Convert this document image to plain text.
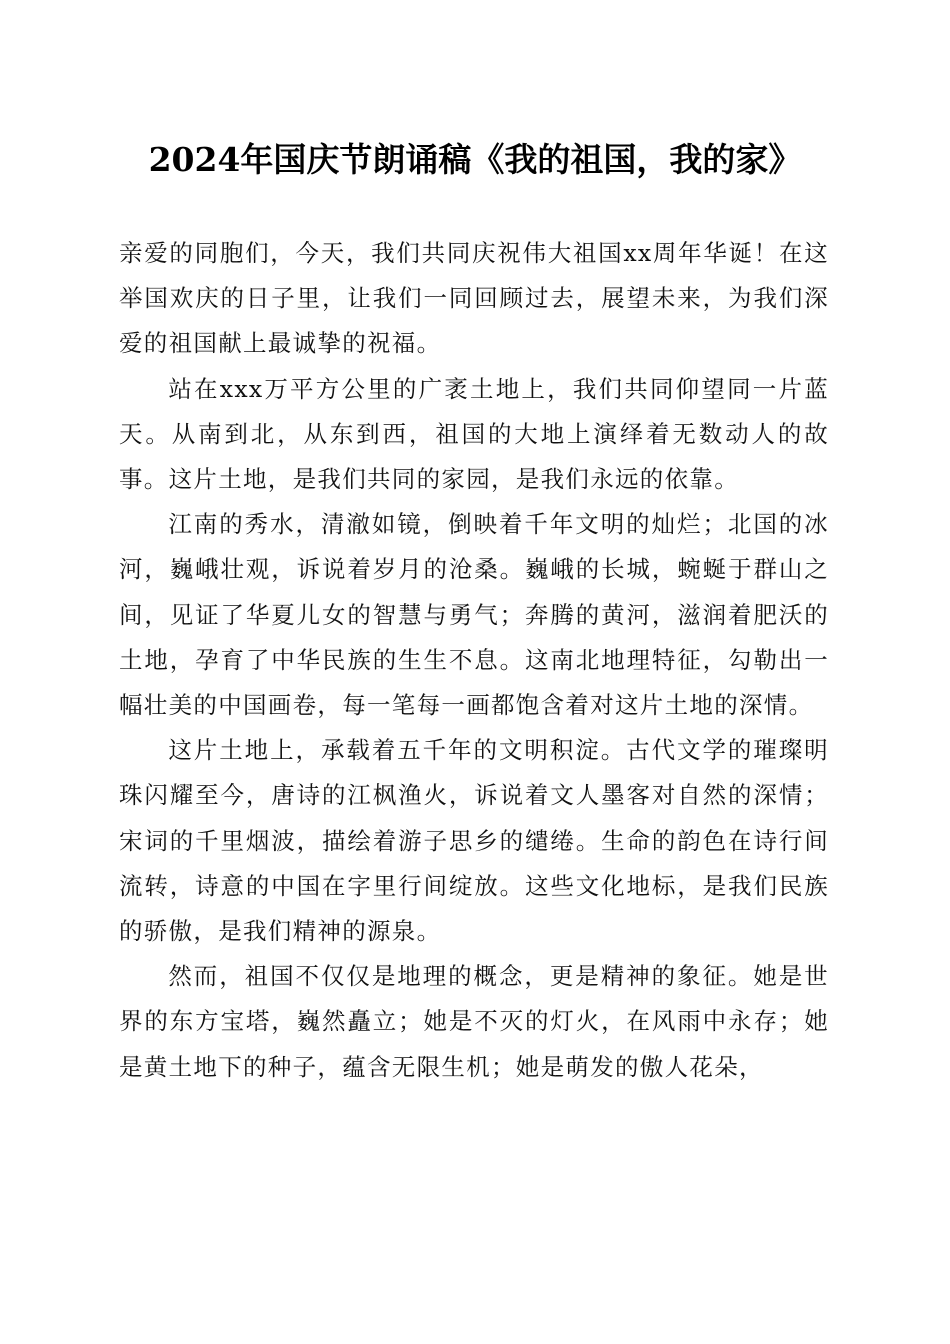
2024年国庆节朗诵稿《我的祖国，我的家》

亲爱的同胞们，今天，我们共同庆祝伟大祖国xx周年华诞！在这举国欢庆的日子里，让我们一同回顾过去，展望未来，为我们深爱的祖国献上最诚挚的祝福。

站在xxx万平方公里的广袤土地上，我们共同仰望同一片蓝天。从南到北，从东到西，祖国的大地上演绎着无数动人的故事。这片土地，是我们共同的家园，是我们永远的依靠。

江南的秀水，清澈如镜，倒映着千年文明的灿烂；北国的冰河，巍峨壮观，诉说着岁月的沧桑。巍峨的长城，蜿蜒于群山之间，见证了华夏儿女的智慧与勇气；奔腾的黄河，滋润着肥沃的土地，孕育了中华民族的生生不息。这南北地理特征，勾勒出一幅壮美的中国画卷，每一笔每一画都饱含着对这片土地的深情。

这片土地上，承载着五千年的文明积淀。古代文学的璀璨明珠闪耀至今，唐诗的江枫渔火，诉说着文人墨客对自然的深情；宋词的千里烟波，描绘着游子思乡的缱绻。生命的韵色在诗行间流转，诗意的中国在字里行间绽放。这些文化地标，是我们民族的骄傲，是我们精神的源泉。

然而，祖国不仅仅是地理的概念，更是精神的象征。她是世界的东方宝塔，巍然矗立；她是不灭的灯火，在风雨中永存；她是黄土地下的种子，蕴含无限生机；她是萌发的傲人花朵，
